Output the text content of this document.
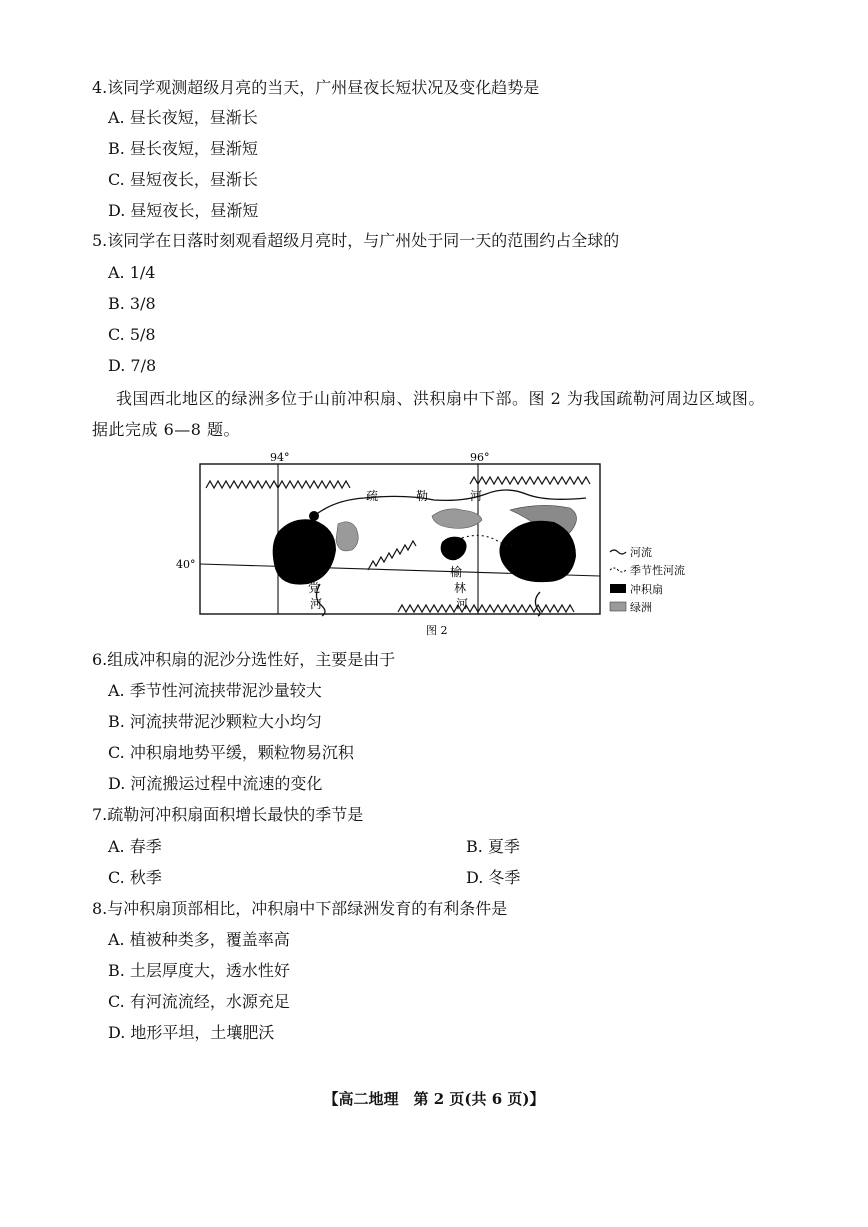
4.该同学观测超级月亮的当天，广州昼夜长短状况及变化趋势是
A. 昼长夜短，昼渐长
B. 昼长夜短，昼渐短
C. 昼短夜长，昼渐长
D. 昼短夜长，昼渐短
5.该同学在日落时刻观看超级月亮时，与广州处于同一天的范围约占全球的
A. 1/4
B. 3/8
C. 5/8
D. 7/8
我国西北地区的绿洲多位于山前冲积扇、洪积扇中下部。图 2 为我国疏勒河周边区域图。
据此完成 6—8 题。
94°	96°
40°
疏	勒	河
党
河
榆
林
河
河流
季节性河流
冲积扇
绿洲
图 2
6.组成冲积扇的泥沙分选性好，主要是由于
A. 季节性河流挟带泥沙量较大
B. 河流挟带泥沙颗粒大小均匀
C. 冲积扇地势平缓，颗粒物易沉积
D. 河流搬运过程中流速的变化
7.疏勒河冲积扇面积增长最快的季节是
A. 春季	B. 夏季
C. 秋季	D. 冬季
8.与冲积扇顶部相比，冲积扇中下部绿洲发育的有利条件是
A. 植被种类多，覆盖率高
B. 土层厚度大，透水性好
C. 有河流流经，水源充足
D. 地形平坦，土壤肥沃
【高二地理　第 2 页(共 6 页)】
